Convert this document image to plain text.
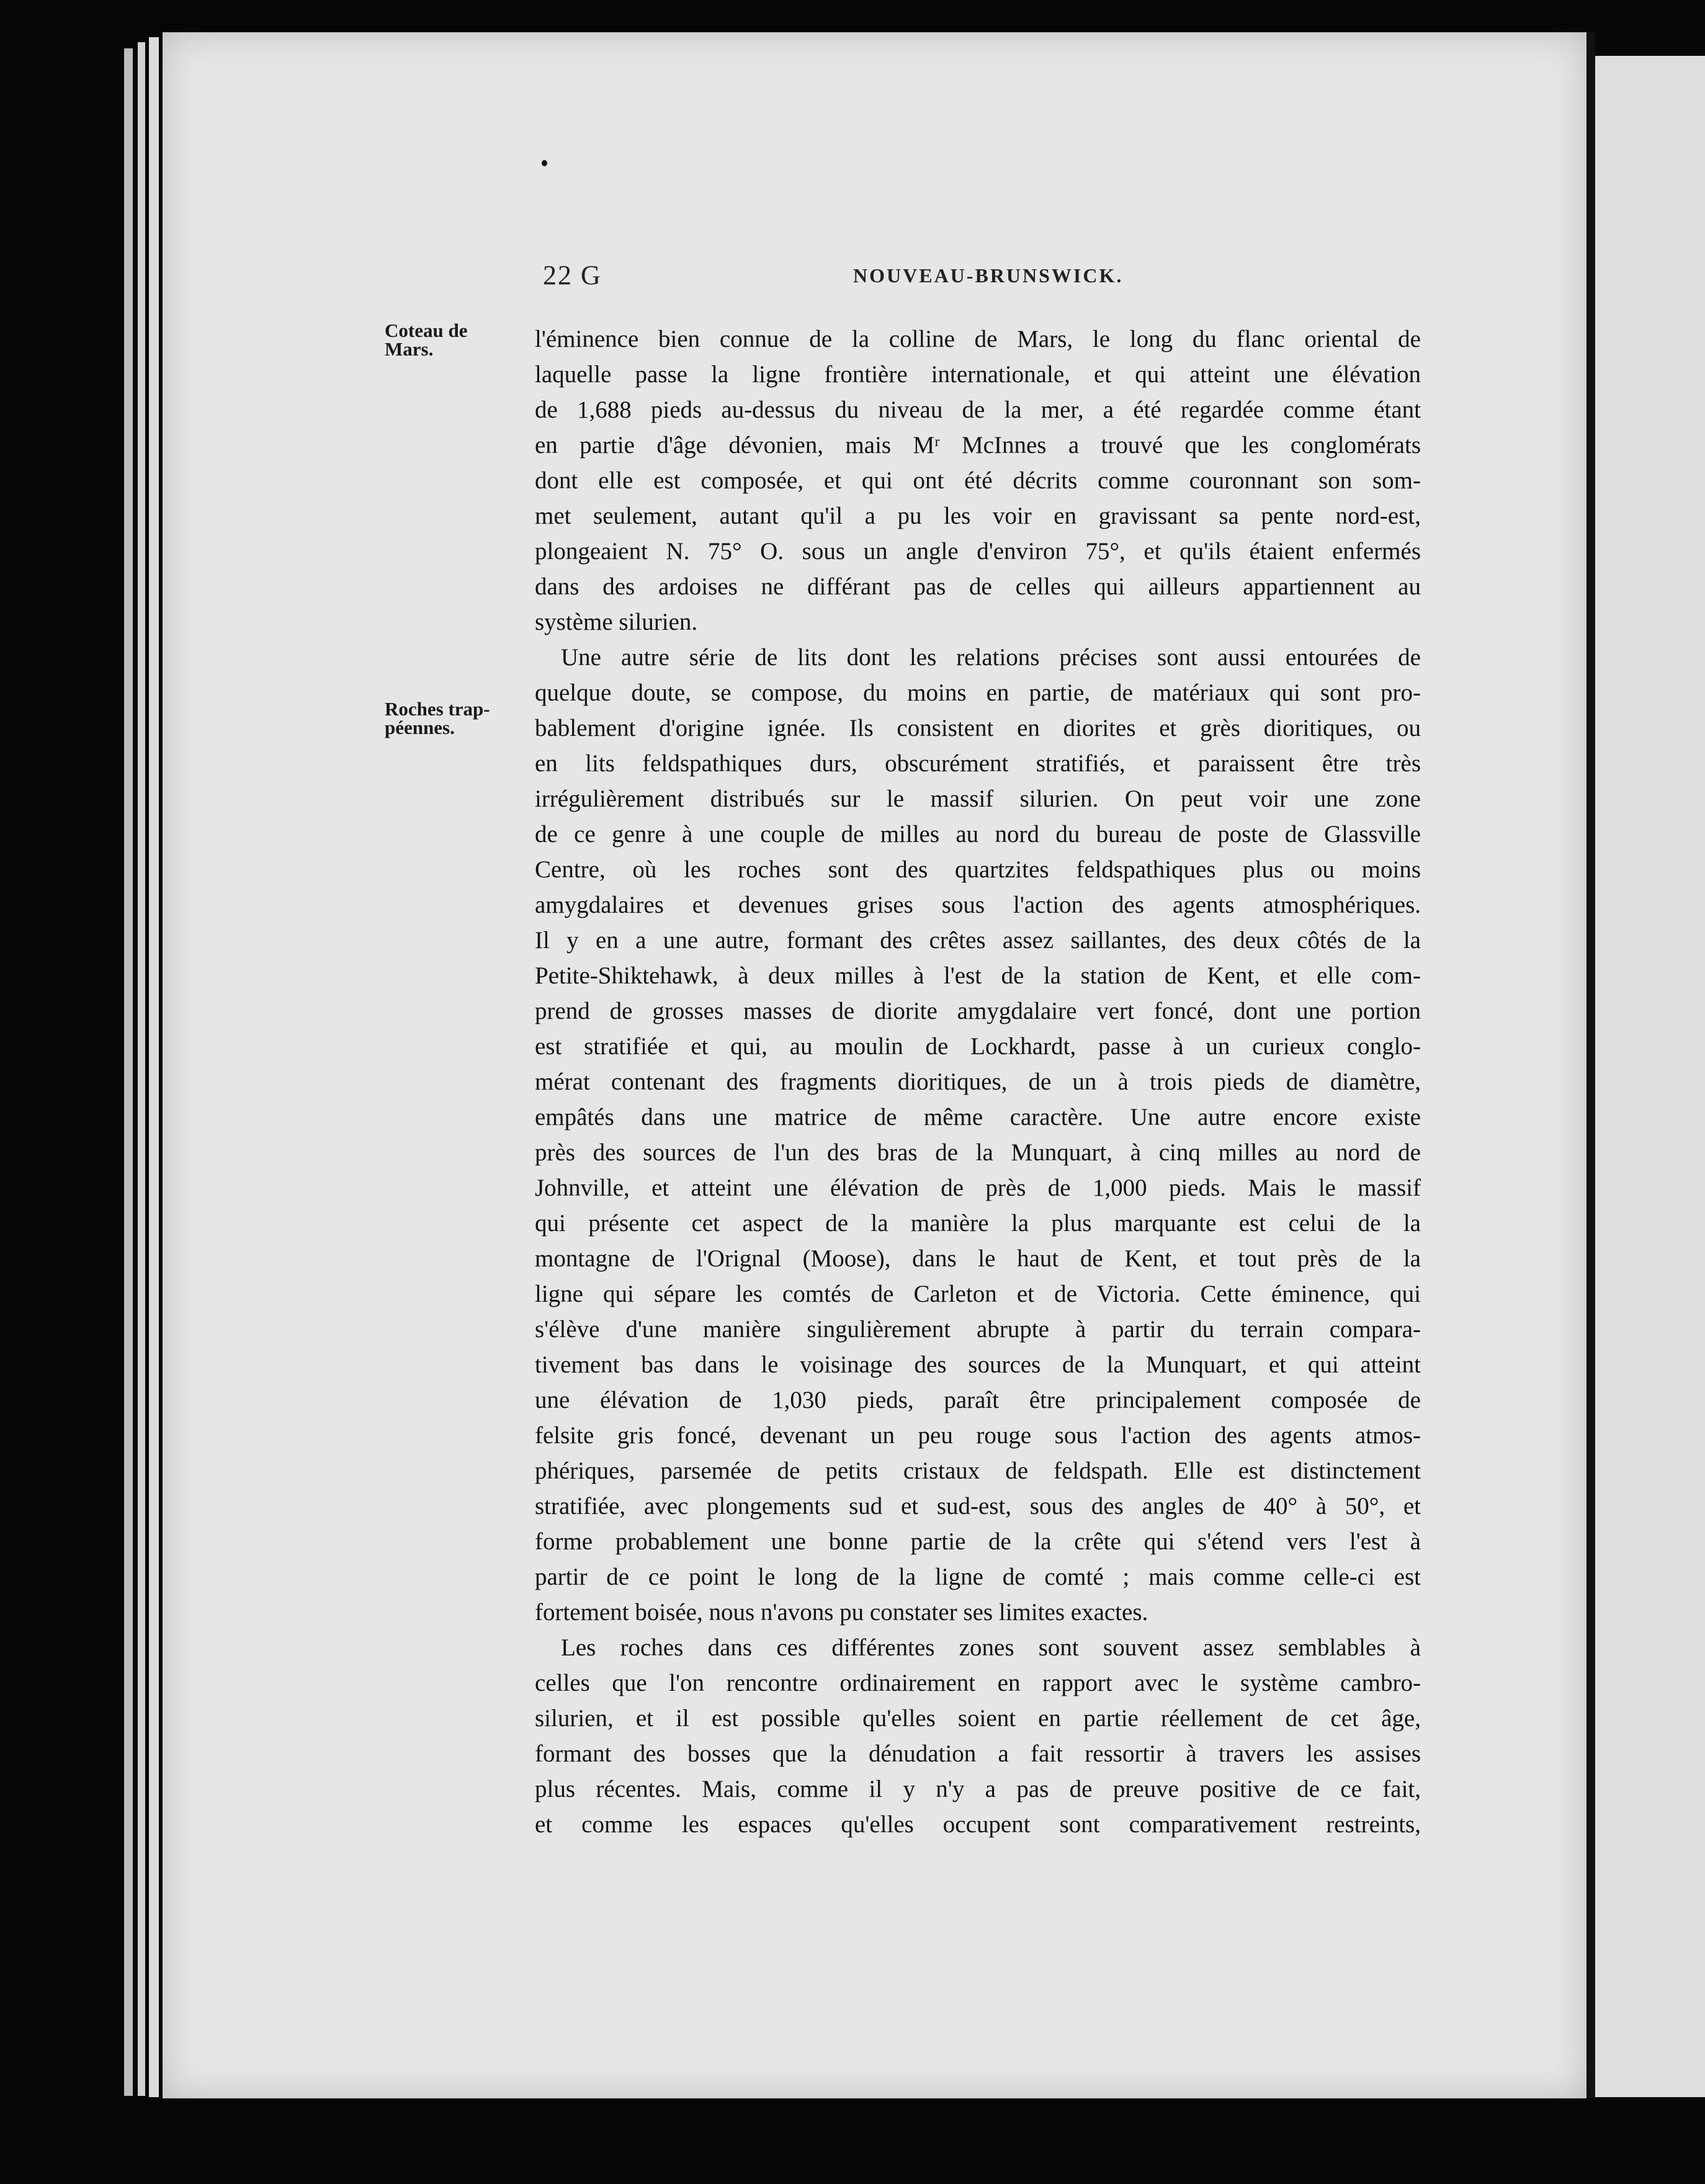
22 G	NOUVEAU-BRUNSWICK.
Coteau de
Mars.
Roches trap-
péennes.

l'éminence bien connue de la colline de Mars, le long du flanc oriental de
laquelle passe la ligne frontière internationale, et qui atteint une élévation
de 1,688 pieds au-dessus du niveau de la mer, a été regardée comme étant
en partie d'âge dévonien, mais Mʳ McInnes a trouvé que les conglomérats
dont elle est composée, et qui ont été décrits comme couronnant son som-
met seulement, autant qu'il a pu les voir en gravissant sa pente nord-est,
plongeaient N. 75° O. sous un angle d'environ 75°, et qu'ils étaient enfermés
dans des ardoises ne différant pas de celles qui ailleurs appartiennent au
système silurien.

Une autre série de lits dont les relations précises sont aussi entourées de
quelque doute, se compose, du moins en partie, de matériaux qui sont pro-
bablement d'origine ignée. Ils consistent en diorites et grès dioritiques, ou
en lits feldspathiques durs, obscurément stratifiés, et paraissent être très
irrégulièrement distribués sur le massif silurien. On peut voir une zone
de ce genre à une couple de milles au nord du bureau de poste de Glassville
Centre, où les roches sont des quartzites feldspathiques plus ou moins
amygdalaires et devenues grises sous l'action des agents atmosphériques.
Il y en a une autre, formant des crêtes assez saillantes, des deux côtés de la
Petite-Shiktehawk, à deux milles à l'est de la station de Kent, et elle com-
prend de grosses masses de diorite amygdalaire vert foncé, dont une portion
est stratifiée et qui, au moulin de Lockhardt, passe à un curieux conglo-
mérat contenant des fragments dioritiques, de un à trois pieds de diamètre,
empâtés dans une matrice de même caractère. Une autre encore existe
près des sources de l'un des bras de la Munquart, à cinq milles au nord de
Johnville, et atteint une élévation de près de 1,000 pieds. Mais le massif
qui présente cet aspect de la manière la plus marquante est celui de la
montagne de l'Orignal (Moose), dans le haut de Kent, et tout près de la
ligne qui sépare les comtés de Carleton et de Victoria. Cette éminence, qui
s'élève d'une manière singulièrement abrupte à partir du terrain compara-
tivement bas dans le voisinage des sources de la Munquart, et qui atteint
une élévation de 1,030 pieds, paraît être principalement composée de
felsite gris foncé, devenant un peu rouge sous l'action des agents atmos-
phériques, parsemée de petits cristaux de feldspath. Elle est distinctement
stratifiée, avec plongements sud et sud-est, sous des angles de 40° à 50°, et
forme probablement une bonne partie de la crête qui s'étend vers l'est à
partir de ce point le long de la ligne de comté ; mais comme celle-ci est
fortement boisée, nous n'avons pu constater ses limites exactes.

Les roches dans ces différentes zones sont souvent assez semblables à
celles que l'on rencontre ordinairement en rapport avec le système cambro-
silurien, et il est possible qu'elles soient en partie réellement de cet âge,
formant des bosses que la dénudation a fait ressortir à travers les assises
plus récentes. Mais, comme il y n'y a pas de preuve positive de ce fait,
et comme les espaces qu'elles occupent sont comparativement restreints,
